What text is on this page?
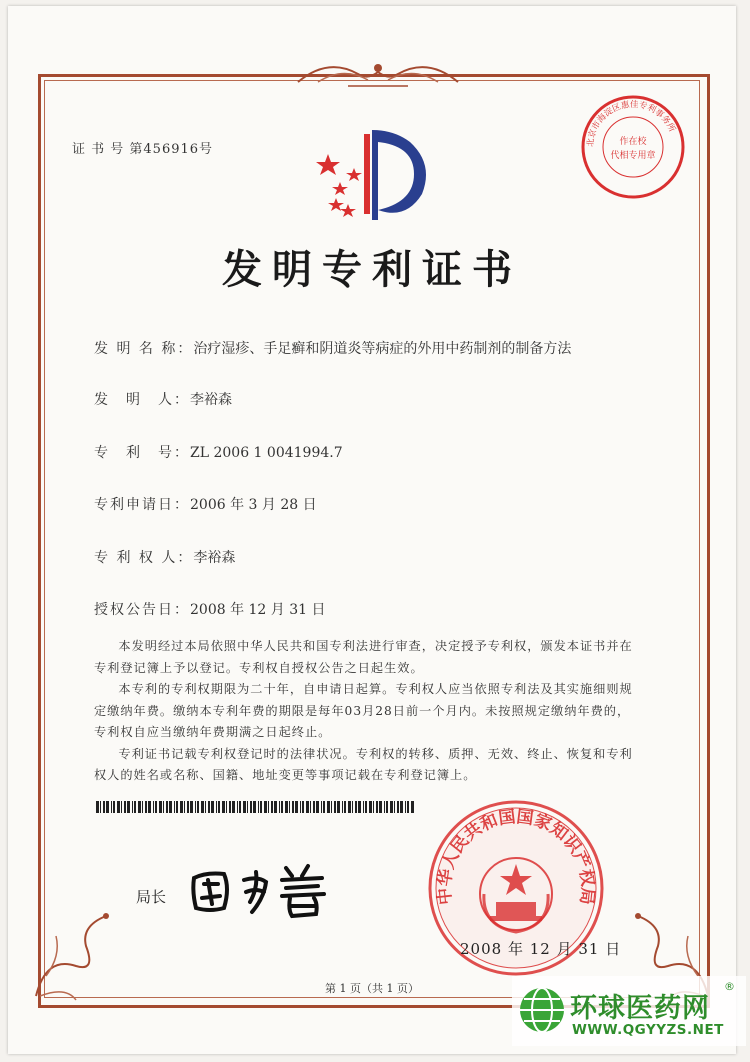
证 书 号 第456916号	北京市海淀区惠佳专利事务所
作在校
代相专用章
发明专利证书
发 明 名 称：治疗湿疹、手足癣和阴道炎等病症的外用中药制剂的制备方法
发　明　人：李裕森
专　利　号：ZL 2006 1 0041994.7
专利申请日：2006 年 3 月 28 日
专 利 权 人：李裕森
授权公告日：2008 年 12 月 31 日

本发明经过本局依照中华人民共和国专利法进行审查，决定授予专利权，颁发本证书并在专利登记簿上予以登记。专利权自授权公告之日起生效。

本专利的专利权期限为二十年，自申请日起算。专利权人应当依照专利法及其实施细则规定缴纳年费。缴纳本专利年费的期限是每年03月28日前一个月内。未按照规定缴纳年费的，专利权自应当缴纳年费期满之日起终止。

专利证书记载专利权登记时的法律状况。专利权的转移、质押、无效、终止、恢复和专利权人的姓名或名称、国籍、地址变更等事项记载在专利登记簿上。

局长	中华人民共和国国家知识产权局
2008 年 12 月 31 日
第 1 页（共 1 页）
环球医药网
®
WWW.QGYYZS.NET
